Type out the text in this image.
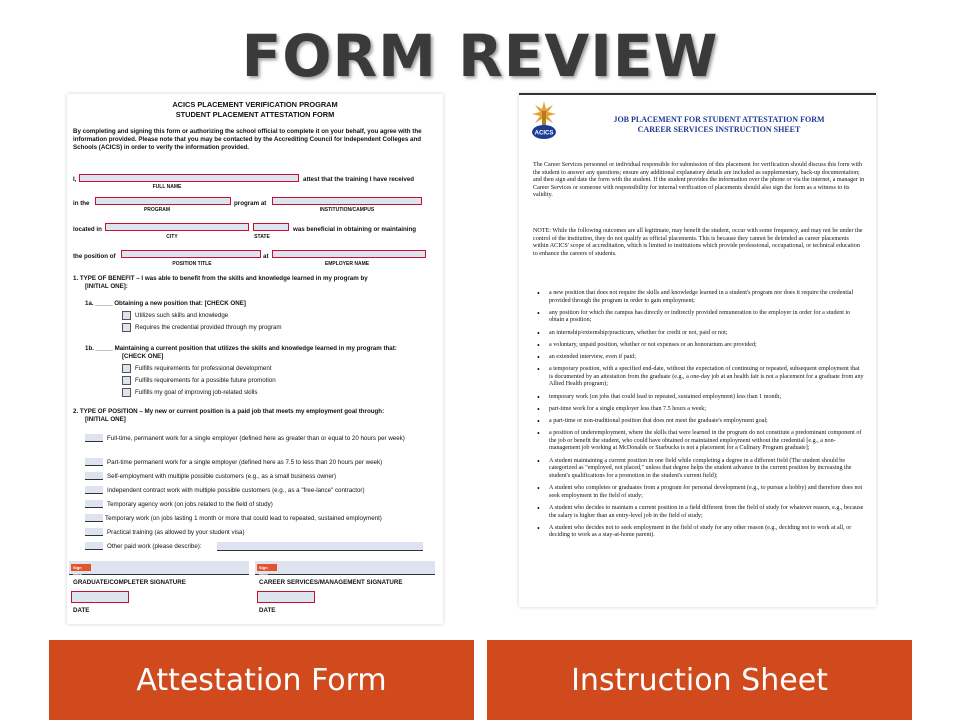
FORM REVIEW
ACICS PLACEMENT VERIFICATION PROGRAM
STUDENT PLACEMENT ATTESTATION FORM
By completing and signing this form or authorizing the school official to complete it on your behalf, you agree with the information provided. Please note that you may be contacted by the Accrediting Council for Independent Colleges and Schools (ACICS) in order to verify the information provided.
I,	attest that the training I have received
FULL NAME
in the	program at
PROGRAM	INSTITUTION/CAMPUS
located in	was beneficial in obtaining or maintaining
CITY	STATE
the position of	at
POSITION TITLE	EMPLOYER NAME
1. TYPE OF BENEFIT – I was able to benefit from the skills and knowledge learned in my program by
[INITIAL ONE]:
1a. _____ Obtaining a new position that: [CHECK ONE]
Utilizes such skills and knowledge
Requires the credential provided through my program
1b. _____ Maintaining a current position that utilizes the skills and knowledge learned in my program that:
[CHECK ONE]
Fulfills requirements for professional development
Fulfills requirements for a possible future promotion
Fulfills my goal of improving job-related skills
2. TYPE OF POSITION – My new or current position is a paid job that meets my employment goal through:
[INITIAL ONE]
Full-time, permanent work for a single employer (defined here as greater than or equal to 20 hours per week)
Part-time permanent work for a single employer (defined here as 7.5 to less than 20 hours per week)
Self-employment with multiple possible customers (e.g., as a small business owner)
Independent contract work with multiple possible customers (e.g., as a "free-lance" contractor)
Temporary agency work (on jobs related to the field of study)
Temporary work (on jobs lasting 1 month or more that could lead to repeated, sustained employment)
Practical training (as allowed by your student visa)
Other paid work (please describe):
Sign Here
Sign Here
GRADUATE/COMPLETER SIGNATURE	CAREER SERVICES/MANAGEMENT SIGNATURE
DATE	DATE
ACICS
JOB PLACEMENT FOR STUDENT ATTESTATION FORM
CAREER SERVICES INSTRUCTION SHEET
The Career Services personnel or individual responsible for submission of this placement for verification should discuss this form with the student to answer any questions; ensure any additional explanatory details are included as supplementary, back-up documentation; and then sign and date the form with the student. If the student provides the information over the phone or via the internet, a manager in Career Services or someone with responsibility for internal verification of placements should also sign the form as a witness to its validity.
NOTE: While the following outcomes are all legitimate, may benefit the student, occur with some frequency, and may not be under the control of the institution, they do not qualify as official placements. This is because they cannot be defended as career placements within ACICS' scope of accreditation, which is limited to institutions which provide professional, occupational, or technical education to enhance the careers of students.
• a new position that does not require the skills and knowledge learned in a student's program nor does it require the credential provided through the program in order to gain employment;
• any position for which the campus has directly or indirectly provided remuneration to the employer in order for a student to obtain a position;
• an internship/externship/practicum, whether for credit or not, paid or not;
• a voluntary, unpaid position, whether or not expenses or an honorarium are provided;
• an extended interview, even if paid;
• a temporary position, with a specified end-date, without the expectation of continuing or repeated, subsequent employment that is documented by an attestation from the graduate (e.g., a one-day job at an health fair is not a placement for a graduate from any Allied Health program);
• temporary work (on jobs that could lead to repeated, sustained employment) less than 1 month;
• part-time work for a single employer less than 7.5 hours a week;
• a part-time or non-traditional position that does not meet the graduate's employment goal;
• a position of underemployment, where the skills that were learned in the program do not constitute a predominant component of the job or benefit the student, who could have obtained or maintained employment without the credential [e.g., a non-management job working at McDonalds or Starbucks is not a placement for a Culinary Program graduate];
• A student maintaining a current position in one field while completing a degree in a different field (The student should be categorized as "employed, not placed," unless that degree helps the student advance in the current position by increasing the student's qualifications for a promotion in the student's current field);
• A student who completes or graduates from a program for personal development (e.g., to pursue a hobby) and therefore does not seek employment in the field of study;
• A student who decides to maintain a current position in a field different from the field of study for whatever reason, e.g., because the salary is higher than an entry-level job in the field of study;
• A student who decides not to seek employment in the field of study for any other reason (e.g., deciding not to work at all, or deciding to work as a stay-at-home parent).
Attestation Form	Instruction Sheet
